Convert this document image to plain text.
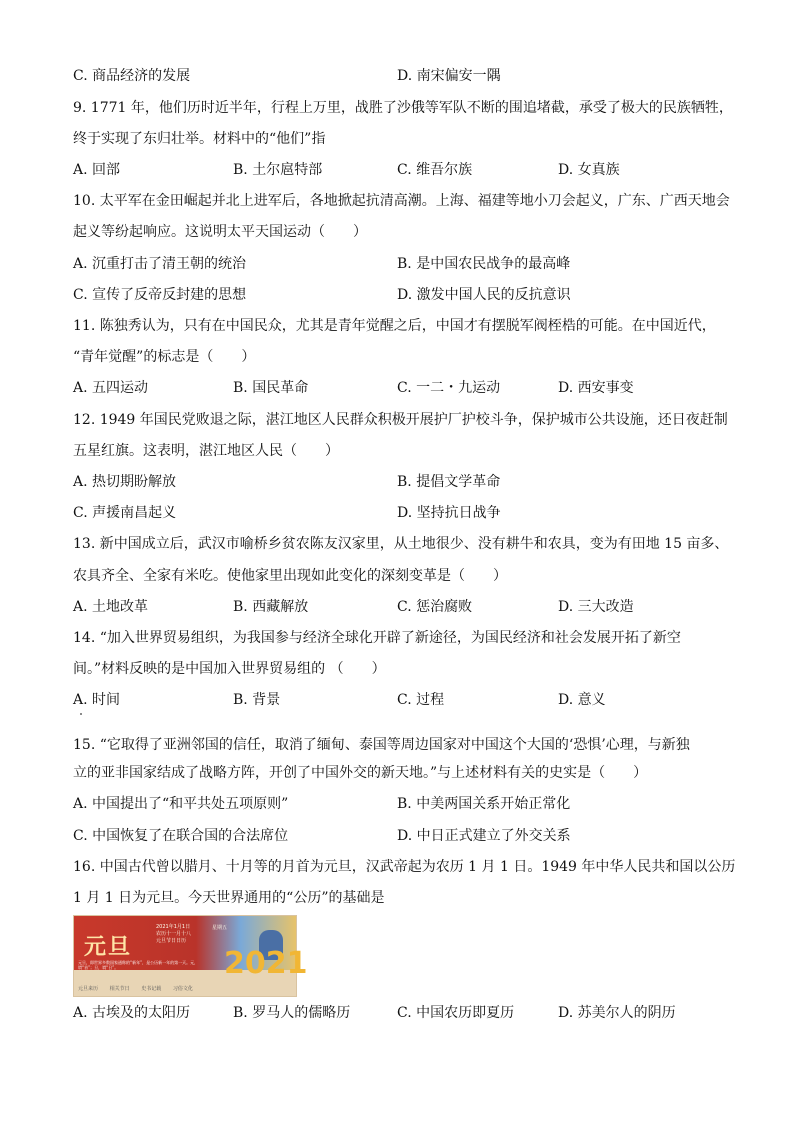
C. 商品经济的发展	D. 南宋偏安一隅
9. 1771 年，他们历时近半年，行程上万里，战胜了沙俄等军队不断的围追堵截，承受了极大的民族牺牲，
终于实现了东归壮举。材料中的“他们”指
A. 回部	B. 土尔扈特部	C. 维吾尔族	D. 女真族
10. 太平军在金田崛起并北上进军后，各地掀起抗清高潮。上海、福建等地小刀会起义，广东、广西天地会
起义等纷起响应。这说明太平天国运动（　　）
A. 沉重打击了清王朝的统治	B. 是中国农民战争的最高峰
C. 宣传了反帝反封建的思想	D. 激发中国人民的反抗意识
11. 陈独秀认为，只有在中国民众，尤其是青年觉醒之后，中国才有摆脱军阀桎梏的可能。在中国近代，
“青年觉醒”的标志是（　　）
A. 五四运动	B. 国民革命	C. 一二・九运动	D. 西安事变
12. 1949 年国民党败退之际，湛江地区人民群众积极开展护厂护校斗争，保护城市公共设施，还日夜赶制
五星红旗。这表明，湛江地区人民（　　）
A. 热切期盼解放	B. 提倡文学革命
C. 声援南昌起义	D. 坚持抗日战争
13. 新中国成立后，武汉市喻桥乡贫农陈友汉家里，从土地很少、没有耕牛和农具，变为有田地 15 亩多、
农具齐全、全家有米吃。使他家里出现如此变化的深刻变革是（　　）
A. 土地改革	B. 西藏解放	C. 惩治腐败	D. 三大改造
14. “加入世界贸易组织，为我国参与经济全球化开辟了新途径，为国民经济和社会发展开拓了新空
间。”材料反映的是中国加入世界贸易组的 （　　）
A. 时间	B. 背景	C. 过程	D. 意义
15. “它取得了亚洲邻国的信任，取消了缅甸、泰国等周边国家对中国这个大国的‘恐惧’心理，与新独
立的亚非国家结成了战略方阵，开创了中国外交的新天地。”与上述材料有关的史实是（　　）
A. 中国提出了“和平共处五项原则”	B. 中美两国关系开始正常化
C. 中国恢复了在联合国的合法席位	D. 中日正式建立了外交关系
16. 中国古代曾以腊月、十月等的月首为元旦，汉武帝起为农历 1 月 1 日。1949 年中华人民共和国以公历
1 月 1 日为元旦。今天世界通用的“公历”的基础是
元旦
2021年1月1日
农历十一月十八
元旦节日日历
星期五
元旦，即世界多数国家通称的“新年”，是公历新一年的第一天。元，谓“首”；旦，谓“日”。	2021
元旦来历 相关节日 史书记载 习俗文化
A. 古埃及的太阳历	B. 罗马人的儒略历	C. 中国农历即夏历	D. 苏美尔人的阴历
